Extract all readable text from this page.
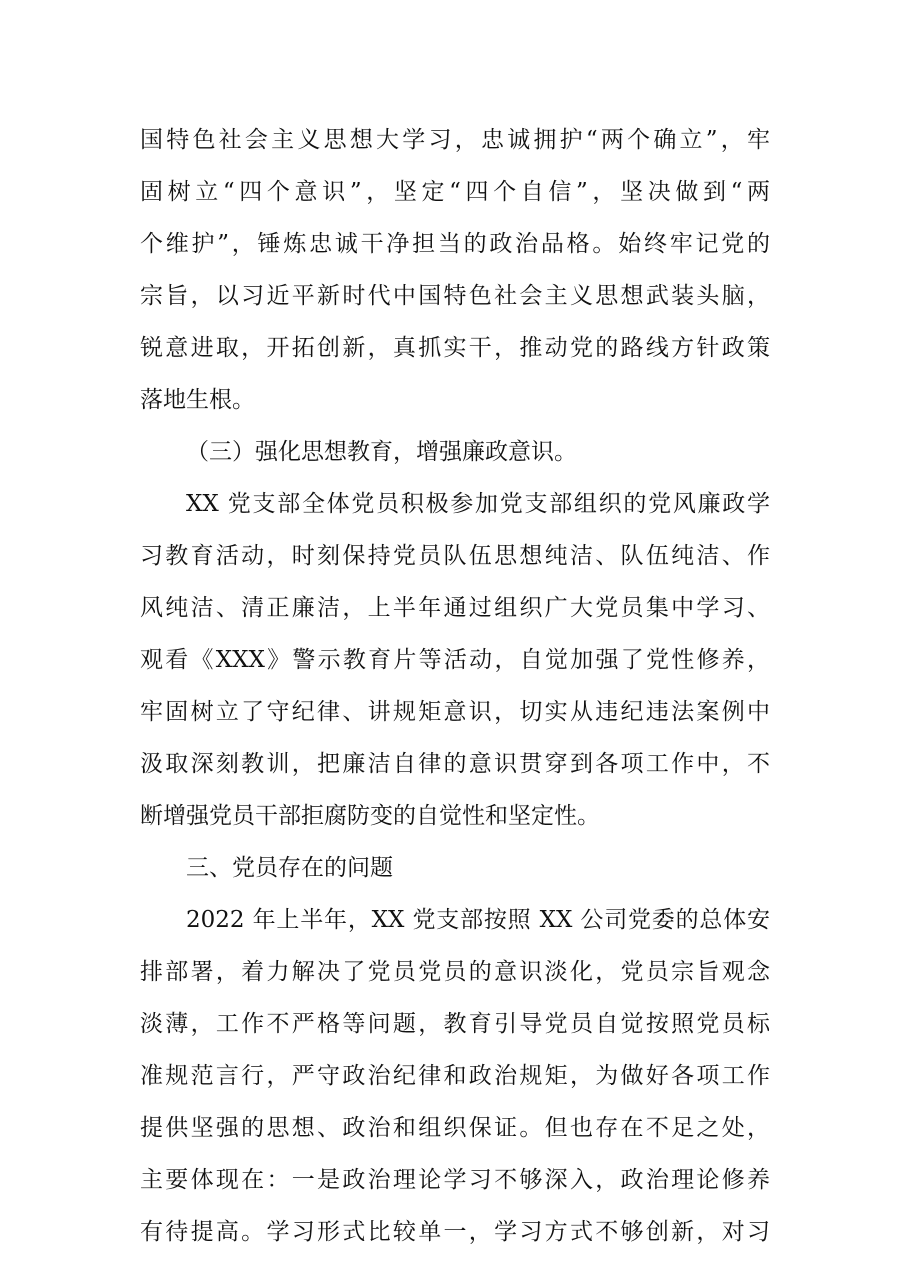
国特色社会主义思想大学习，忠诚拥护“两个确立”，牢
固树立“四个意识”，坚定“四个自信”，坚决做到“两
个维护”，锤炼忠诚干净担当的政治品格。始终牢记党的
宗旨，以习近平新时代中国特色社会主义思想武装头脑，
锐意进取，开拓创新，真抓实干，推动党的路线方针政策
落地生根。
（三）强化思想教育，增强廉政意识。
XX 党支部全体党员积极参加党支部组织的党风廉政学
习教育活动，时刻保持党员队伍思想纯洁、队伍纯洁、作
风纯洁、清正廉洁，上半年通过组织广大党员集中学习、
观看《XXX》警示教育片等活动，自觉加强了党性修养，
牢固树立了守纪律、讲规矩意识，切实从违纪违法案例中
汲取深刻教训，把廉洁自律的意识贯穿到各项工作中，不
断增强党员干部拒腐防变的自觉性和坚定性。
三、党员存在的问题
2022 年上半年，XX 党支部按照 XX 公司党委的总体安
排部署，着力解决了党员党员的意识淡化，党员宗旨观念
淡薄，工作不严格等问题，教育引导党员自觉按照党员标
准规范言行，严守政治纪律和政治规矩，为做好各项工作
提供坚强的思想、政治和组织保证。但也存在不足之处，
主要体现在：一是政治理论学习不够深入，政治理论修养
有待提高。学习形式比较单一，学习方式不够创新，对习
